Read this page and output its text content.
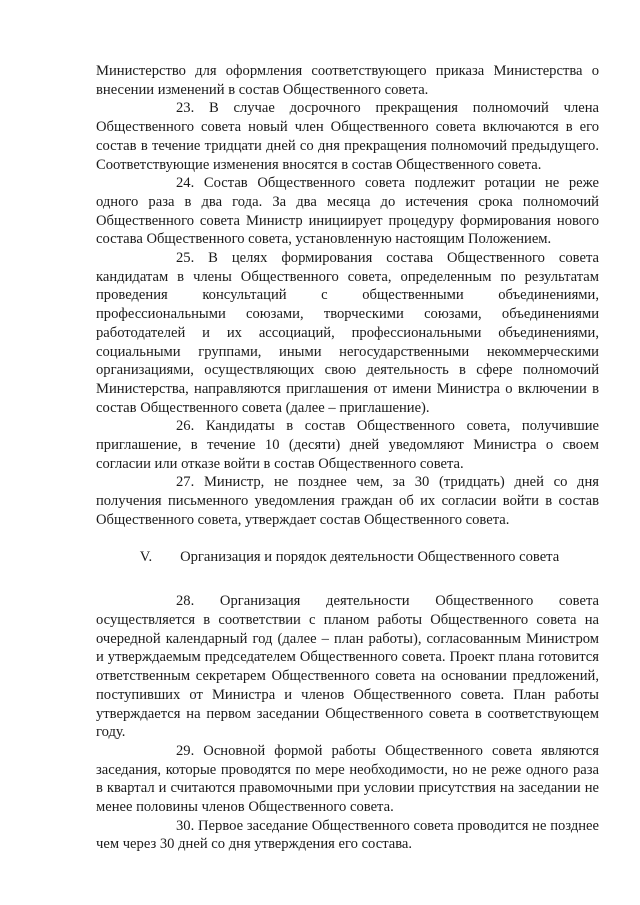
Министерство для оформления соответствующего приказа Министерства о внесении изменений в состав Общественного совета.

23. В случае досрочного прекращения полномочий члена Общественного совета новый член Общественного совета включаются в его состав в течение тридцати дней со дня прекращения полномочий предыдущего. Соответствующие изменения вносятся в состав Общественного совета.

24. Состав Общественного совета подлежит ротации не реже одного раза в два года. За два месяца до истечения срока полномочий Общественного совета Министр инициирует процедуру формирования нового состава Общественного совета, установленную настоящим Положением.

25. В целях формирования состава Общественного совета кандидатам в члены Общественного совета, определенным по результатам проведения консультаций с общественными объединениями, профессиональными союзами, творческими союзами, объединениями работодателей и их ассоциаций, профессиональными объединениями, социальными группами, иными негосударственными некоммерческими организациями, осуществляющих свою деятельность в сфере полномочий Министерства, направляются приглашения от имени Министра о включении в состав Общественного совета (далее – приглашение).

26. Кандидаты в состав Общественного совета, получившие приглашение, в течение 10 (десяти) дней уведомляют Министра о своем согласии или отказе войти в состав Общественного совета.

27. Министр, не позднее чем, за 30 (тридцать) дней со дня получения письменного уведомления граждан об их согласии войти в состав Общественного совета, утверждает состав Общественного совета.

V. Организация и порядок деятельности Общественного совета

28. Организация деятельности Общественного совета осуществляется в соответствии с планом работы Общественного совета на очередной календарный год (далее – план работы), согласованным Министром и утверждаемым председателем Общественного совета. Проект плана готовится ответственным секретарем Общественного совета на основании предложений, поступивших от Министра и членов Общественного совета. План работы утверждается на первом заседании Общественного совета в соответствующем году.

29. Основной формой работы Общественного совета являются заседания, которые проводятся по мере необходимости, но не реже одного раза в квартал и считаются правомочными при условии присутствия на заседании не менее половины членов Общественного совета.

30. Первое заседание Общественного совета проводится не позднее чем через 30 дней со дня утверждения его состава.
